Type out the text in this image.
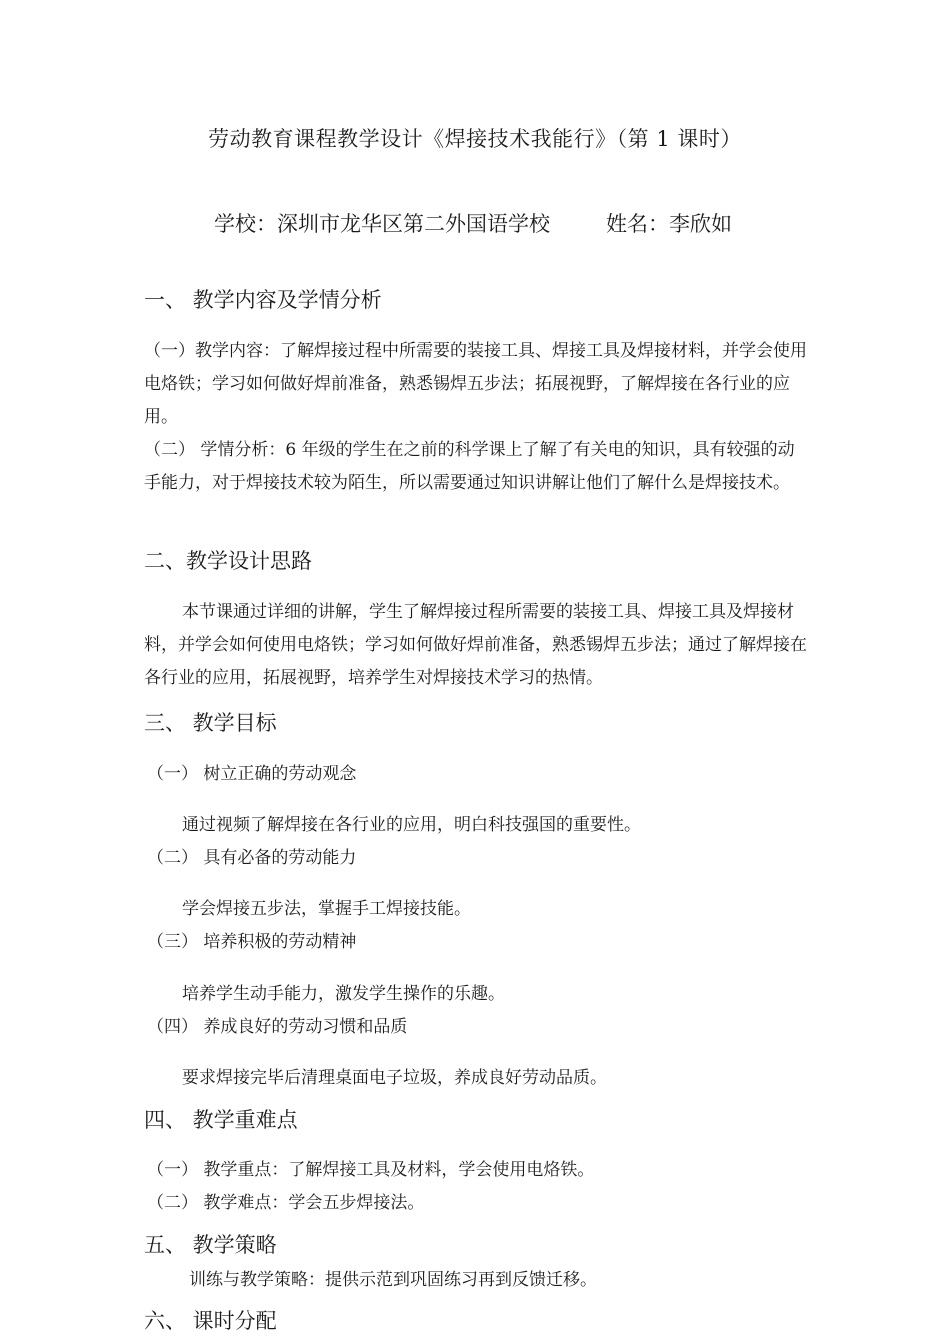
劳动教育课程教学设计《焊接技术我能行》（第 1 课时）
学校：深圳市龙华区第二外国语学校	姓名：李欣如
一、 教学内容及学情分析
（一）教学内容：了解焊接过程中所需要的装接工具、焊接工具及焊接材料，并学会使用电烙铁；学习如何做好焊前准备，熟悉锡焊五步法；拓展视野，了解焊接在各行业的应用。
（二） 学情分析：6 年级的学生在之前的科学课上了解了有关电的知识，具有较强的动手能力，对于焊接技术较为陌生，所以需要通过知识讲解让他们了解什么是焊接技术。
二、教学设计思路
本节课通过详细的讲解，学生了解焊接过程所需要的装接工具、焊接工具及焊接材料，并学会如何使用电烙铁；学习如何做好焊前准备，熟悉锡焊五步法；通过了解焊接在各行业的应用，拓展视野，培养学生对焊接技术学习的热情。
三、 教学目标
（一） 树立正确的劳动观念
通过视频了解焊接在各行业的应用，明白科技强国的重要性。
（二） 具有必备的劳动能力
学会焊接五步法，掌握手工焊接技能。
（三） 培养积极的劳动精神
培养学生动手能力，激发学生操作的乐趣。
（四） 养成良好的劳动习惯和品质
要求焊接完毕后清理桌面电子垃圾，养成良好劳动品质。
四、 教学重难点
（一） 教学重点：了解焊接工具及材料，学会使用电烙铁。
（二） 教学难点：学会五步焊接法。
五、 教学策略
训练与教学策略：提供示范到巩固练习再到反馈迁移。
六、 课时分配
